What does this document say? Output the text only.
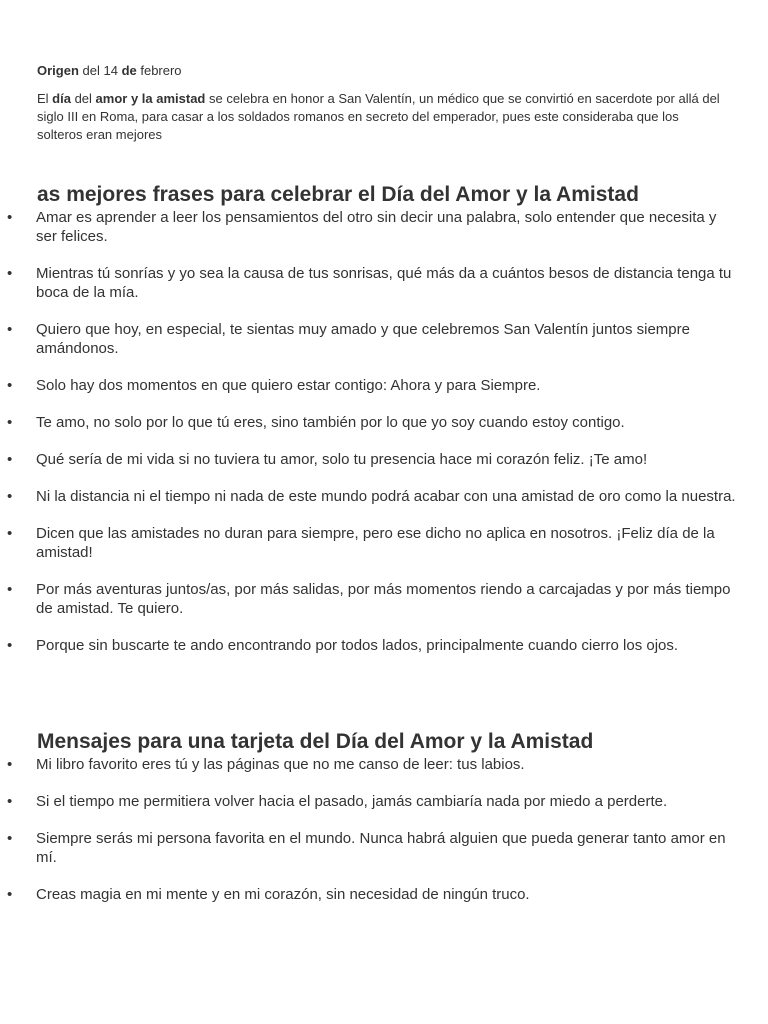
Origen del 14 de febrero

El día del amor y la amistad se celebra en honor a San Valentín, un médico que se convirtió en sacerdote por allá del siglo III en Roma, para casar a los soldados romanos en secreto del emperador, pues este consideraba que los solteros eran mejores

as mejores frases para celebrar el Día del Amor y la Amistad
• Amar es aprender a leer los pensamientos del otro sin decir una palabra, solo entender que necesita y ser felices.
• Mientras tú sonrías y yo sea la causa de tus sonrisas, qué más da a cuántos besos de distancia tenga tu boca de la mía.
• Quiero que hoy, en especial, te sientas muy amado y que celebremos San Valentín juntos siempre amándonos.
• Solo hay dos momentos en que quiero estar contigo: Ahora y para Siempre.
• Te amo, no solo por lo que tú eres, sino también por lo que yo soy cuando estoy contigo.
• Qué sería de mi vida si no tuviera tu amor, solo tu presencia hace mi corazón feliz. ¡Te amo!
• Ni la distancia ni el tiempo ni nada de este mundo podrá acabar con una amistad de oro como la nuestra.
• Dicen que las amistades no duran para siempre, pero ese dicho no aplica en nosotros. ¡Feliz día de la amistad!
• Por más aventuras juntos/as, por más salidas, por más momentos riendo a carcajadas y por más tiempo de amistad. Te quiero.
• Porque sin buscarte te ando encontrando por todos lados, principalmente cuando cierro los ojos.
Mensajes para una tarjeta del Día del Amor y la Amistad
• Mi libro favorito eres tú y las páginas que no me canso de leer: tus labios.
• Si el tiempo me permitiera volver hacia el pasado, jamás cambiaría nada por miedo a perderte.
• Siempre serás mi persona favorita en el mundo. Nunca habrá alguien que pueda generar tanto amor en mí.
• Creas magia en mi mente y en mi corazón, sin necesidad de ningún truco.
